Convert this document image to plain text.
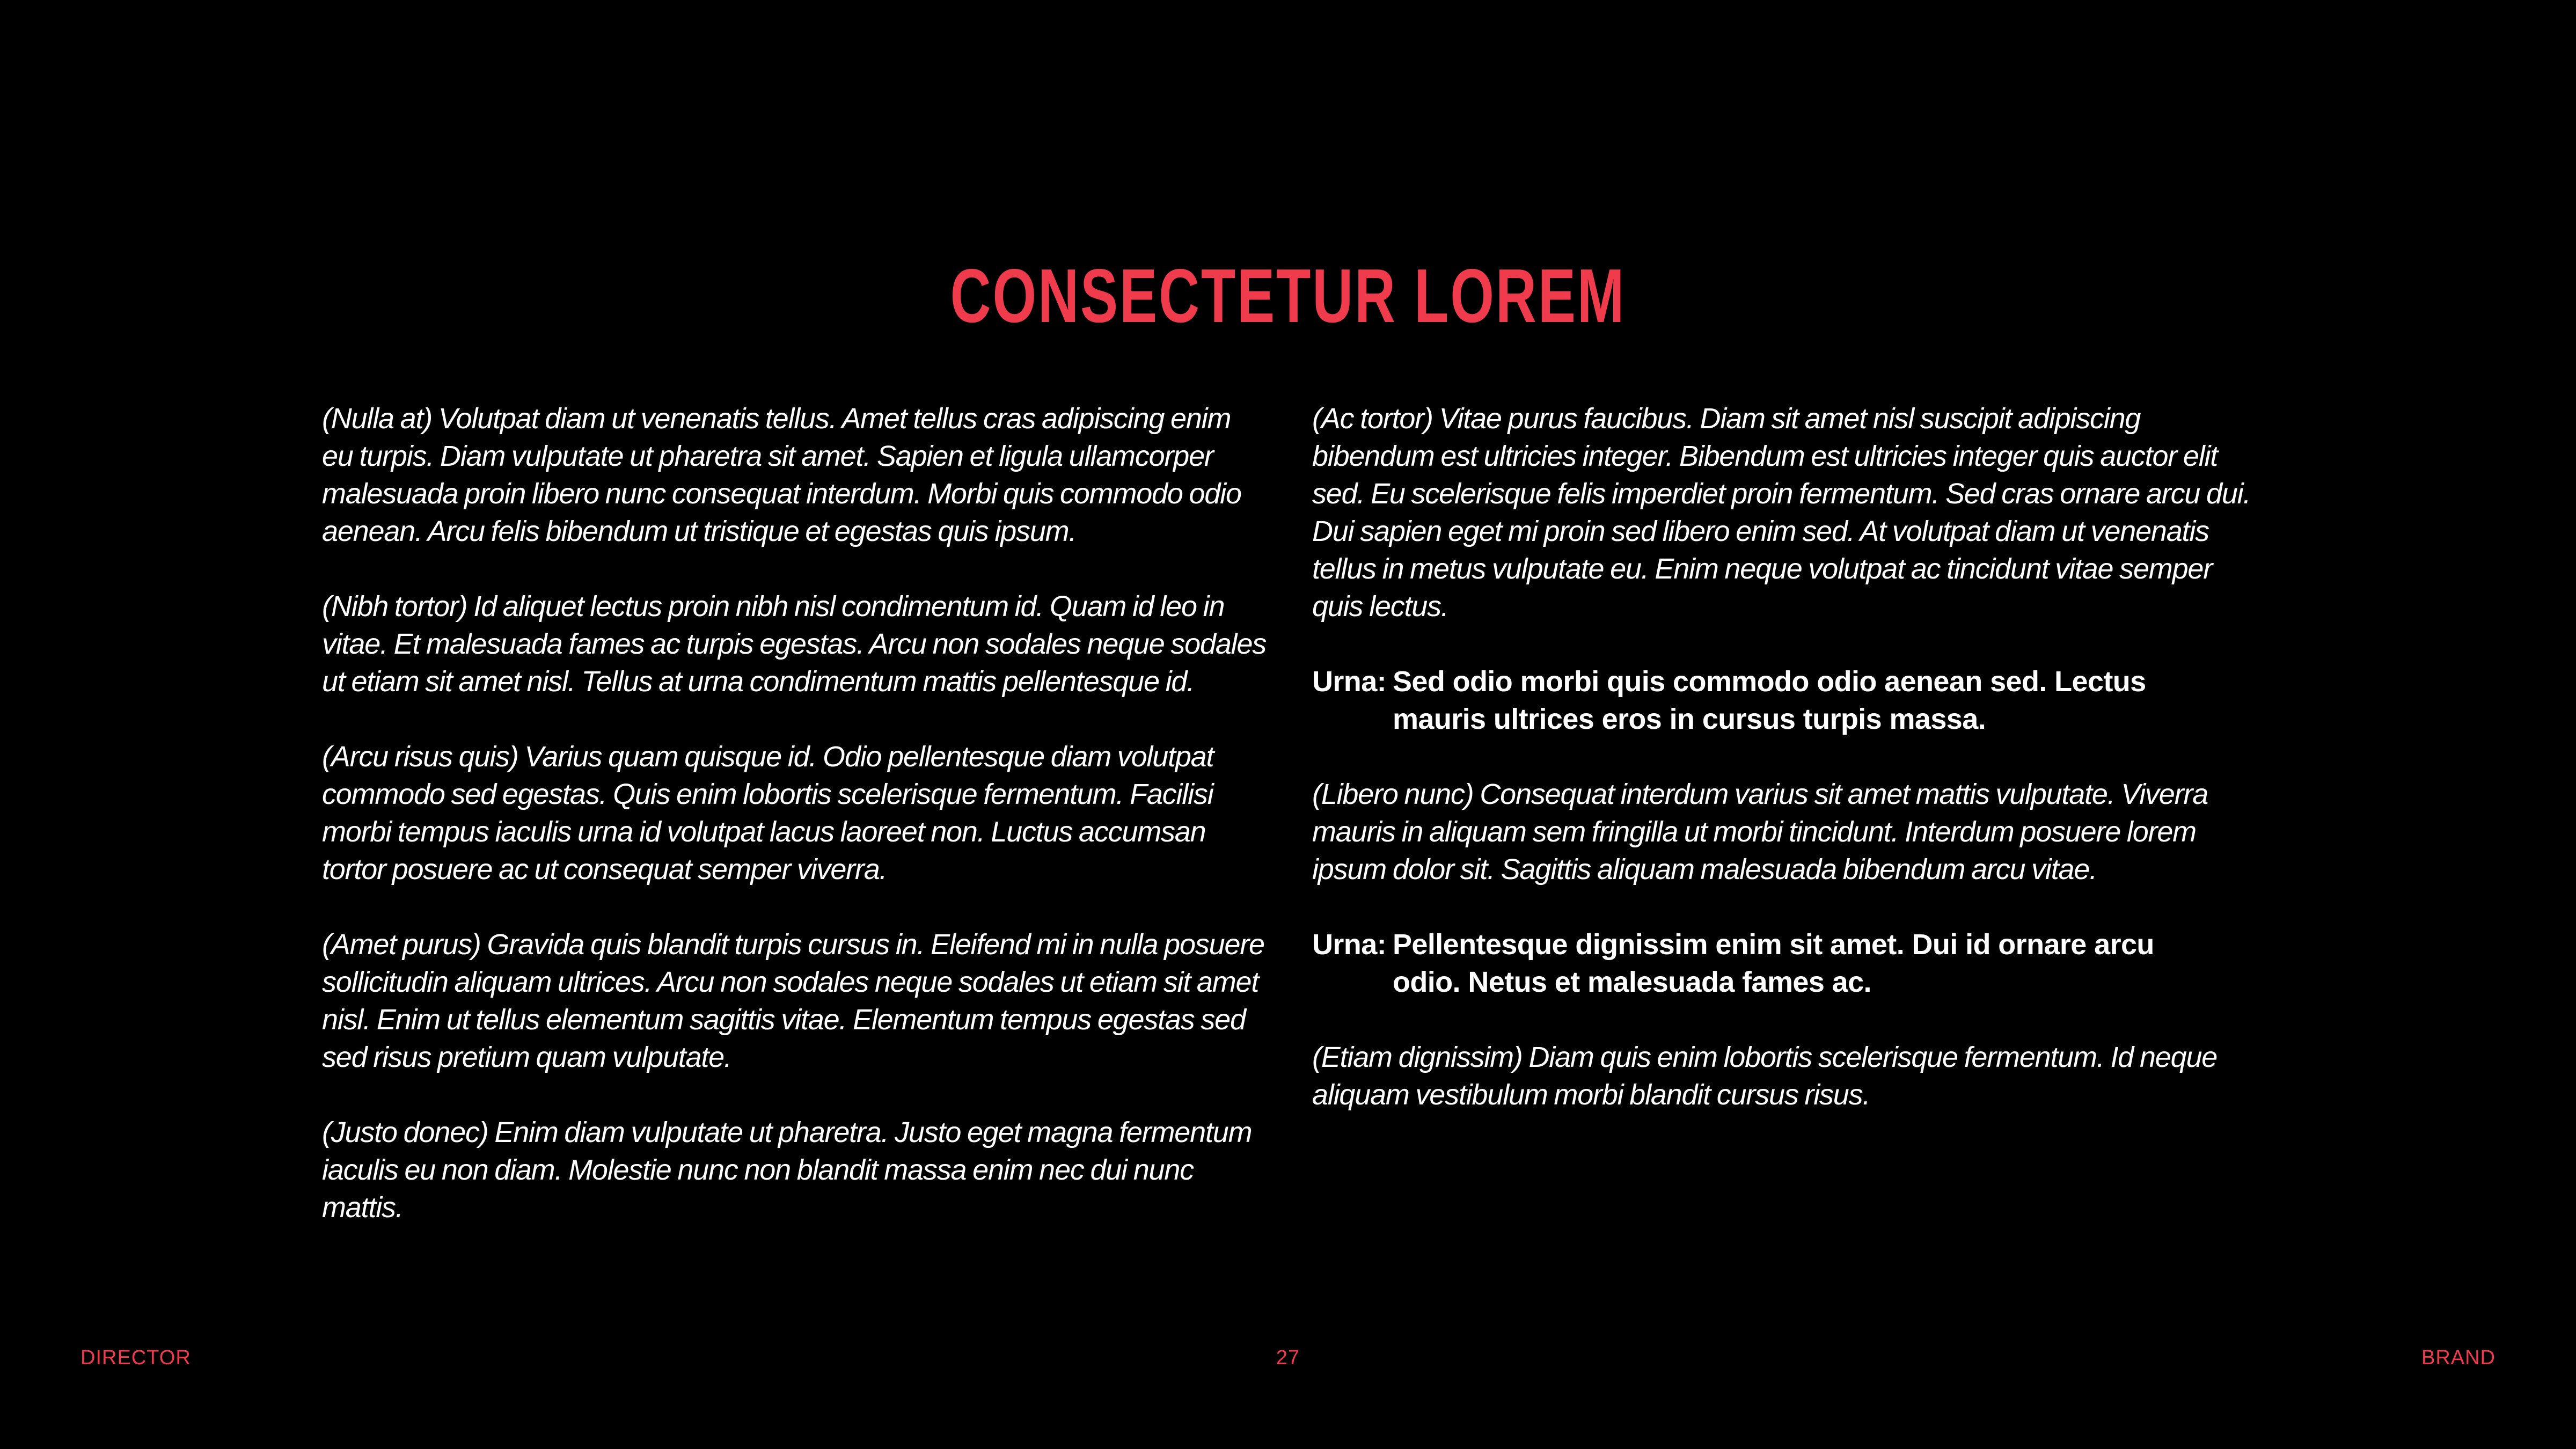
CONSECTETUR LOREM

(Nulla at) Volutpat diam ut venenatis tellus. Amet tellus cras adipiscing enim eu turpis. Diam vulputate ut pharetra sit amet. Sapien et ligula ullamcorper malesuada proin libero nunc consequat interdum. Morbi quis commodo odio aenean. Arcu felis bibendum ut tristique et egestas quis ipsum.

(Nibh tortor) Id aliquet lectus proin nibh nisl condimentum id. Quam id leo in vitae. Et malesuada fames ac turpis egestas. Arcu non sodales neque sodales ut etiam sit amet nisl. Tellus at urna condimentum mattis pellentesque id.

(Arcu risus quis) Varius quam quisque id. Odio pellentesque diam volutpat commodo sed egestas. Quis enim lobortis scelerisque fermentum. Facilisi morbi tempus iaculis urna id volutpat lacus laoreet non. Luctus accumsan tortor posuere ac ut consequat semper viverra.

(Amet purus) Gravida quis blandit turpis cursus in. Eleifend mi in nulla posuere sollicitudin aliquam ultrices. Arcu non sodales neque sodales ut etiam sit amet nisl. Enim ut tellus elementum sagittis vitae. Elementum tempus egestas sed sed risus pretium quam vulputate.

(Justo donec) Enim diam vulputate ut pharetra. Justo eget magna fermentum iaculis eu non diam. Molestie nunc non blandit massa enim nec dui nunc mattis.

(Ac tortor) Vitae purus faucibus. Diam sit amet nisl suscipit adipiscing bibendum est ultricies integer. Bibendum est ultricies integer quis auctor elit sed. Eu scelerisque felis imperdiet proin fermentum. Sed cras ornare arcu dui. Dui sapien eget mi proin sed libero enim sed. At volutpat diam ut venenatis tellus in metus vulputate eu. Enim neque volutpat ac tincidunt vitae semper quis lectus.

Urna: Sed odio morbi quis commodo odio aenean sed. Lectus mauris ultrices eros in cursus turpis massa.

(Libero nunc) Consequat interdum varius sit amet mattis vulputate. Viverra mauris in aliquam sem fringilla ut morbi tincidunt. Interdum posuere lorem ipsum dolor sit. Sagittis aliquam malesuada bibendum arcu vitae.

Urna: Pellentesque dignissim enim sit amet. Dui id ornare arcu odio. Netus et malesuada fames ac.

(Etiam dignissim) Diam quis enim lobortis scelerisque fermentum. Id neque aliquam vestibulum morbi blandit cursus risus.

DIRECTOR	27	BRAND
